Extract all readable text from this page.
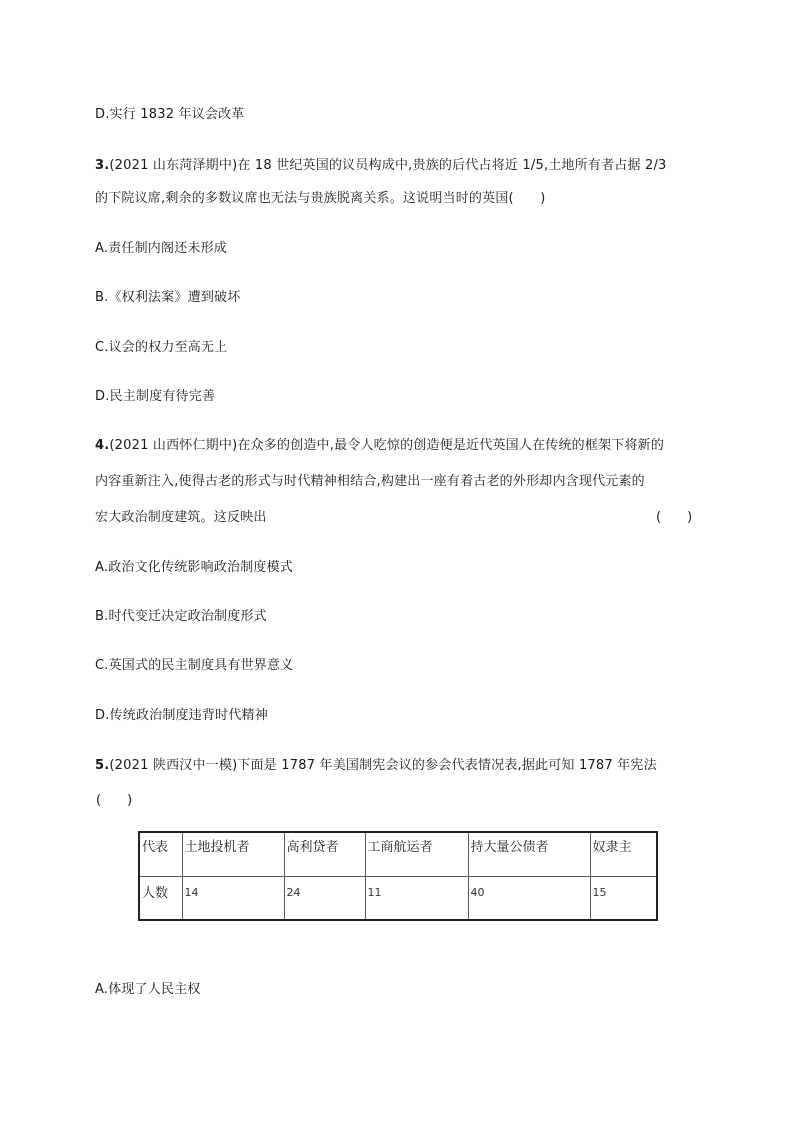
D.实行 1832 年议会改革
3.(2021 山东菏泽期中)在 18 世纪英国的议员构成中,贵族的后代占将近 1/5,土地所有者占据 2/3
的下院议席,剩余的多数议席也无法与贵族脱离关系。这说明当时的英国(　　)
A.责任制内阁还未形成
B.《权利法案》遭到破坏
C.议会的权力至高无上
D.民主制度有待完善
4.(2021 山西怀仁期中)在众多的创造中,最令人吃惊的创造便是近代英国人在传统的框架下将新的
内容重新注入,使得古老的形式与时代精神相结合,构建出一座有着古老的外形却内含现代元素的
宏大政治制度建筑。这反映出	(　　)
A.政治文化传统影响政治制度模式
B.时代变迁决定政治制度形式
C.英国式的民主制度具有世界意义
D.传统政治制度违背时代精神
5.(2021 陕西汉中一模)下面是 1787 年美国制宪会议的参会代表情况表,据此可知 1787 年宪法
(　　)
代表	土地投机者	高利贷者	工商航运者	持大量公债者	奴隶主
人数	14	24	11	40	15
A.体现了人民主权
